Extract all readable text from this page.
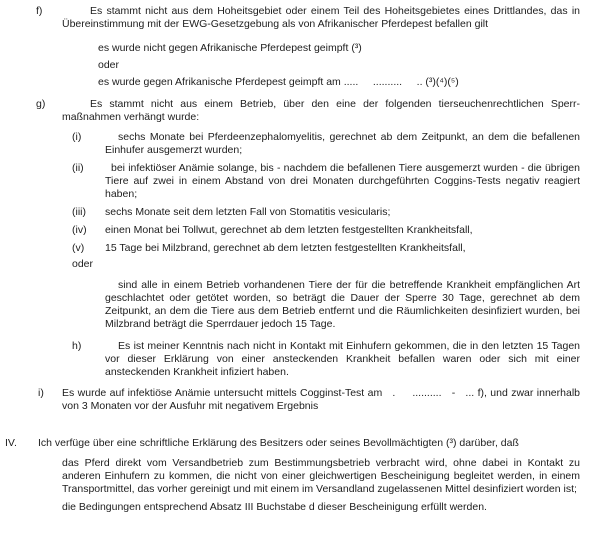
f)	Es stammt nicht aus dem Hoheitsgebiet oder einem Teil des Hoheitsgebietes eines Drittlandes, das in Übereinstimmung mit der EWG-Gesetzgebung als von Afrikanischer Pferdepest befallen gilt

es wurde nicht gegen Afrikanische Pferdepest geimpft (³)

oder

es wurde gegen Afrikanische Pferdepest geimpft am .....     ..........     .. (³)(⁴)(⁵)

g)	Es stammt nicht aus einem Betrieb, über den eine der folgenden tierseuchenrechtlichen Sperr-maßnahmen verhängt wurde:

(i)	sechs Monate bei Pferdeenzephalomyelitis, gerechnet ab dem Zeitpunkt, an dem die befallenen Einhufer ausgemerzt wurden;

(ii)	bei infektiöser Anämie solange, bis - nachdem die befallenen Tiere ausgemerzt wurden - die übrigen Tiere auf zwei in einem Abstand von drei Monaten durchgeführten Coggins-Tests negativ reagiert haben;

(iii)	sechs Monate seit dem letzten Fall von Stomatitis vesicularis;

(iv)	einen Monat bei Tollwut, gerechnet ab dem letzten festgestellten Krankheitsfall,

(v)	15 Tage bei Milzbrand, gerechnet ab dem letzten festgestellten Krankheitsfall,

oder

sind alle in einem Betrieb vorhandenen Tiere der für die betreffende Krankheit empfänglichen Art geschlachtet oder getötet worden, so beträgt die Dauer der Sperre 30 Tage, gerechnet ab dem Zeitpunkt, an dem die Tiere aus dem Betrieb entfernt und die Räumlichkeiten desinfiziert wurden, bei Milzbrand beträgt die Sperrdauer jedoch 15 Tage.

h)	Es ist meiner Kenntnis nach nicht in Kontakt mit Einhufern gekommen, die in den letzten 15 Tagen vor dieser Erklärung von einer ansteckenden Krankheit befallen waren oder sich mit einer ansteckenden Krankheit infiziert haben.

i)	Es wurde auf infektiöse Anämie untersucht mittels Cogginst-Test am   .     ..........   -   ... f), und zwar innerhalb von 3 Monaten vor der Ausfuhr mit negativem Ergebnis

IV.	Ich verfüge über eine schriftliche Erklärung des Besitzers oder seines Bevollmächtigten (³) darüber, daß

das Pferd direkt vom Versandbetrieb zum Bestimmungsbetrieb verbracht wird, ohne dabei in Kontakt zu anderen Einhufern zu kommen, die nicht von einer gleichwertigen Bescheinigung begleitet werden, in einem Transportmittel, das vorher gereinigt und mit einem im Versandland zugelassenen Mittel desinfiziert worden ist;

die Bedingungen entsprechend Absatz III Buchstabe d dieser Bescheinigung erfüllt werden.
